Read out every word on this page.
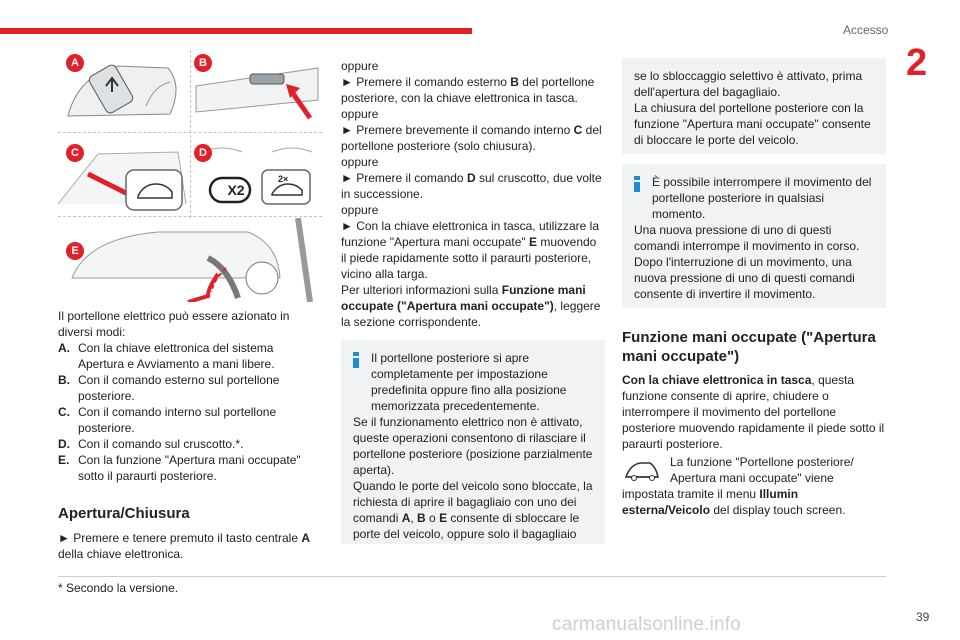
Accesso
2
A	B
C	D
X2
2×
E

Il portellone elettrico può essere azionato in diversi modi:

A. Con la chiave elettronica del sistema Apertura e Avviamento a mani libere.
B. Con il comando esterno sul portellone posteriore.
C. Con il comando interno sul portellone posteriore.
D. Con il comando sul cruscotto.*.
E. Con la funzione "Apertura mani occupate" sotto il paraurti posteriore.
Apertura/Chiusura

► Premere e tenere premuto il tasto centrale A della chiave elettronica.

oppure

► Premere il comando esterno B del portellone posteriore, con la chiave elettronica in tasca.

oppure

► Premere brevemente il comando interno C del portellone posteriore (solo chiusura).

oppure

► Premere il comando D sul cruscotto, due volte in successione.

oppure

► Con la chiave elettronica in tasca, utilizzare la funzione "Apertura mani occupate" E muovendo il piede rapidamente sotto il paraurti posteriore, vicino alla targa.

Per ulteriori informazioni sulla Funzione mani occupate ("Apertura mani occupate"), leggere la sezione corrispondente.

Il portellone posteriore si apre completamente per impostazione predefinita oppure fino alla posizione memorizzata precedentemente.

Se il funzionamento elettrico non è attivato, queste operazioni consentono di rilasciare il portellone posteriore (posizione parzialmente aperta).

Quando le porte del veicolo sono bloccate, la richiesta di aprire il bagagliaio con uno dei comandi A, B o E consente di sbloccare le porte del veicolo, oppure solo il bagagliaio

se lo sbloccaggio selettivo è attivato, prima dell'apertura del bagagliaio.

La chiusura del portellone posteriore con la funzione "Apertura mani occupate" consente di bloccare le porte del veicolo.

È possibile interrompere il movimento del portellone posteriore in qualsiasi momento.

Una nuova pressione di uno di questi comandi interrompe il movimento in corso.

Dopo l'interruzione di un movimento, una nuova pressione di uno di questi comandi consente di invertire il movimento.

Funzione mani occupate ("Apertura mani occupate")

Con la chiave elettronica in tasca, questa funzione consente di aprire, chiudere o interrompere il movimento del portellone posteriore muovendo rapidamente il piede sotto il paraurti posteriore.

La funzione "Portellone posteriore/ Apertura mani occupate" viene impostata tramite il menu Illumin esterna/Veicolo del display touch screen.

* Secondo la versione.
carmanualsonline.info	39
